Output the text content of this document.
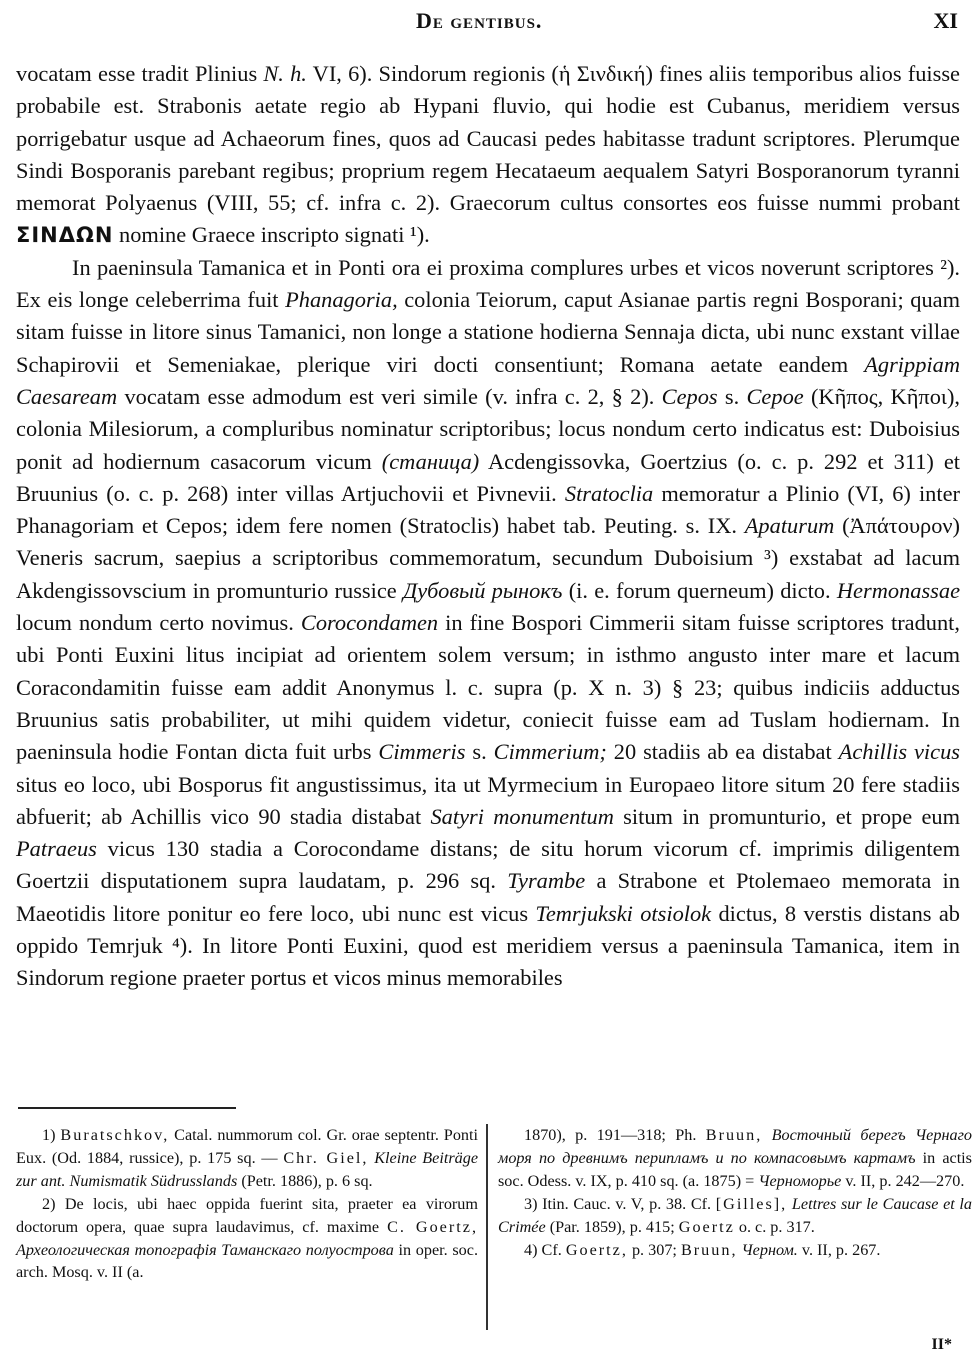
De gentibus.	XI

vocatam esse tradit Plinius N. h. VI, 6). Sindorum regionis (ἡ Σινδική) fines aliis temporibus alios fuisse probabile est. Strabonis aetate regio ab Hypani fluvio, qui hodie est Cubanus, meridiem versus porrigebatur usque ad Achaeorum fines, quos ad Caucasi pedes habitasse tradunt scriptores. Plerumque Sindi Bosporanis parebant regibus; proprium regem Hecataeum aequalem Satyri Bosporanorum tyranni memorat Polyaenus (VIII, 55; cf. infra c. 2). Graecorum cultus consortes eos fuisse nummi probant ΣΙΝΔΩΝ nomine Graece inscripto signati ¹).

In paeninsula Tamanica et in Ponti ora ei proxima complures urbes et vicos noverunt scriptores ²). Ex eis longe celeberrima fuit Phanagoria, colonia Teiorum, caput Asianae partis regni Bosporani; quam sitam fuisse in litore sinus Tamanici, non longe a statione hodierna Sennaja dicta, ubi nunc exstant villae Schapirovii et Semeniakae, plerique viri docti consentiunt; Romana aetate eandem Agrippiam Caesaream vocatam esse admodum est veri simile (v. infra c. 2, § 2). Cepos s. Cepoe (Κῆπος, Κῆποι), colonia Milesiorum, a compluribus nominatur scriptoribus; locus nondum certo indicatus est: Duboisius ponit ad hodiernum casacorum vicum (станица) Acdengissovka, Goertzius (o. c. p. 292 et 311) et Bruunius (o. c. p. 268) inter villas Artjuchovii et Pivnevii. Stratoclia memoratur a Plinio (VI, 6) inter Phanagoriam et Cepos; idem fere nomen (Stratoclis) habet tab. Peuting. s. IX. Apaturum (Ἀπάτουρον) Veneris sacrum, saepius a scriptoribus commemoratum, secundum Duboisium ³) exstabat ad lacum Akdengissovscium in promunturio russice Дубовый рынокъ (i. e. forum querneum) dicto. Hermonassae locum nondum certo novimus. Corocondamen in fine Bospori Cimmerii sitam fuisse scriptores tradunt, ubi Ponti Euxini litus incipiat ad orientem solem versum; in isthmo angusto inter mare et lacum Coracondamitin fuisse eam addit Anonymus l. c. supra (p. X n. 3) § 23; quibus indiciis adductus Bruunius satis probabiliter, ut mihi quidem videtur, coniecit fuisse eam ad Tuslam hodiernam. In paeninsula hodie Fontan dicta fuit urbs Cimmeris s. Cimmerium; 20 stadiis ab ea distabat Achillis vicus situs eo loco, ubi Bosporus fit angustissimus, ita ut Myrmecium in Europaeo litore situm 20 fere stadiis abfuerit; ab Achillis vico 90 stadia distabat Satyri monumentum situm in promunturio, et prope eum Patraeus vicus 130 stadia a Corocondame distans; de situ horum vicorum cf. imprimis diligentem Goertzii disputationem supra laudatam, p. 296 sq. Tyrambe a Strabone et Ptolemaeo memorata in Maeotidis litore ponitur eo fere loco, ubi nunc est vicus Temrjukski otsiolok dictus, 8 verstis distans ab oppido Temrjuk ⁴). In litore Ponti Euxini, quod est meridiem versus a paeninsula Tamanica, item in Sindorum regione praeter portus et vicos minus memorabiles

1) Buratschkov, Catal. nummorum col. Gr. orae septentr. Ponti Eux. (Od. 1884, russice), p. 175 sq. — Chr. Giel, Kleine Beiträge zur ant. Numismatik Südrusslands (Petr. 1886), p. 6 sq.

2) De locis, ubi haec oppida fuerint sita, praeter ea virorum doctorum opera, quae supra laudavimus, cf. maxime C. Goertz, Археологическая топографія Таманскаго полуострова in oper. soc. arch. Mosq. v. II (a.

1870), p. 191—318; Ph. Bruun, Восточный берегъ Чернаго моря по древнимъ перипламъ и по компасовымъ картамъ in actis soc. Odess. v. IX, p. 410 sq. (a. 1875) = Черноморье v. II, p. 242—270.

3) Itin. Cauc. v. V, p. 38. Cf. [Gilles], Lettres sur le Caucase et la Crimée (Par. 1859), p. 415; Goertz o. c. p. 317.

4) Cf. Goertz, p. 307; Bruun, Черном. v. II, p. 267.

II*
